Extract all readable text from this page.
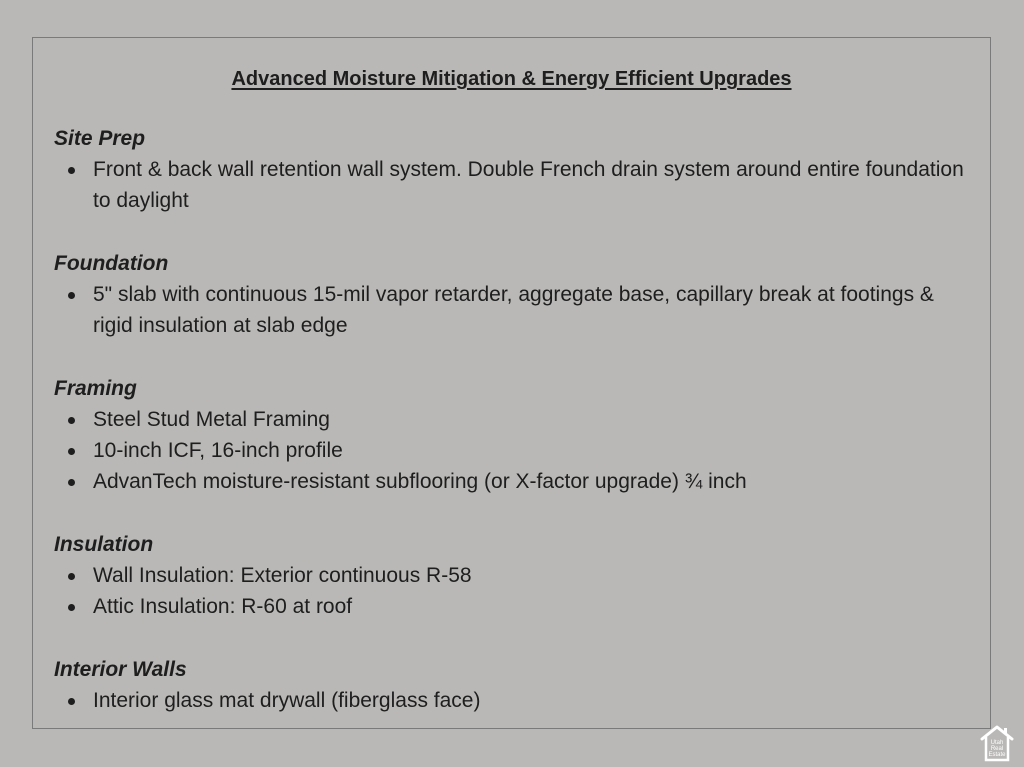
Advanced Moisture Mitigation & Energy Efficient Upgrades

Site Prep

Front & back wall retention wall system. Double French drain system around entire foundation to daylight

Foundation

5" slab with continuous 15-mil vapor retarder, aggregate base, capillary break at footings & rigid insulation at slab edge

Framing

Steel Stud Metal Framing
10-inch ICF, 16-inch profile
AdvanTech moisture-resistant subflooring (or X-factor upgrade) ¾ inch

Insulation

Wall Insulation: Exterior continuous R-58
Attic Insulation: R-60 at roof

Interior Walls

Interior glass mat drywall (fiberglass face)
Utah
Real
Estate
.com
